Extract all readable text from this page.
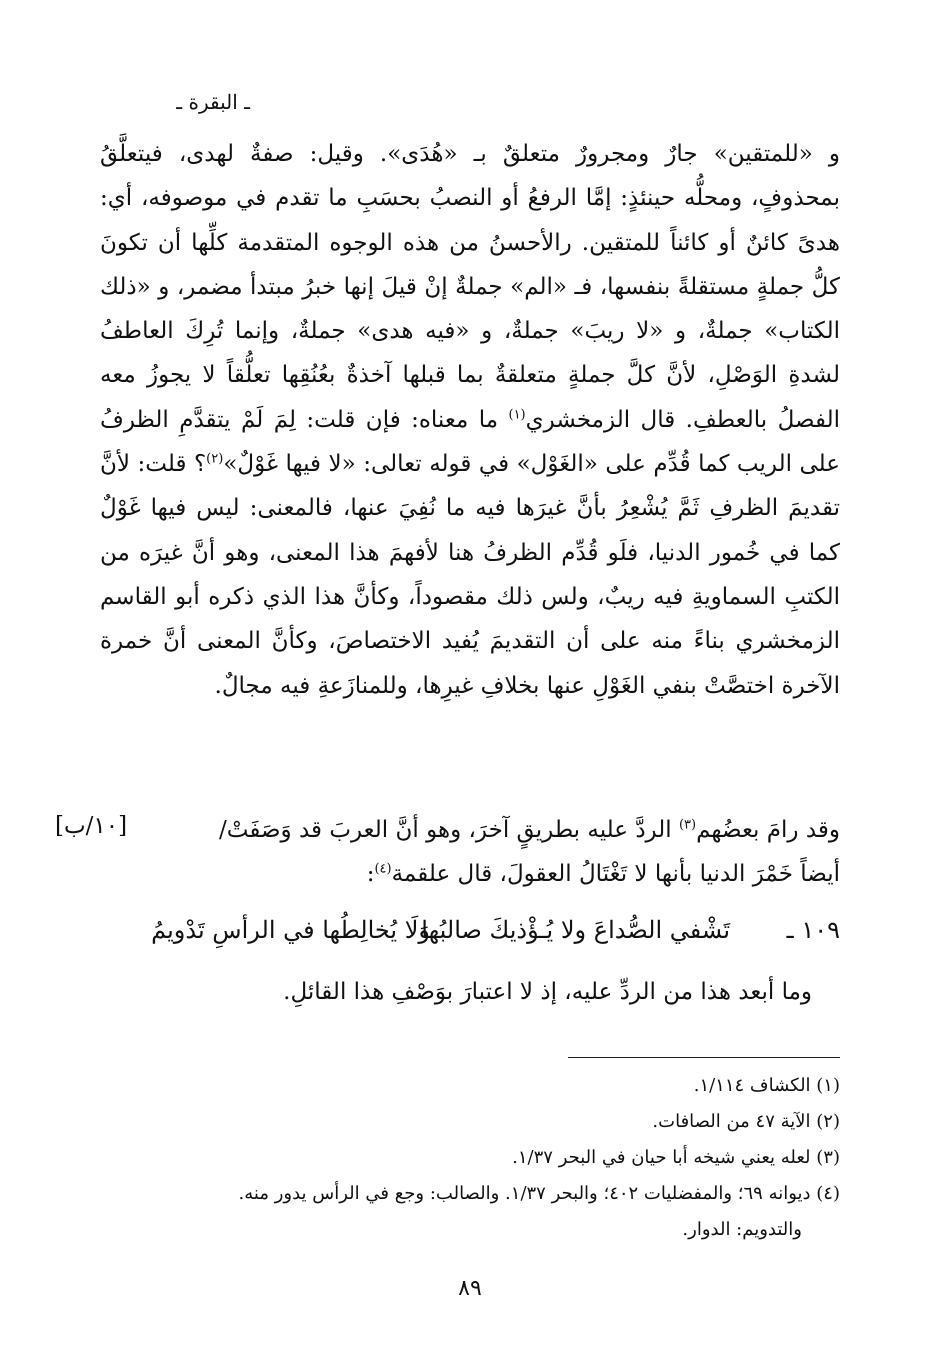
ـ البقرة ـ

و «للمتقين» جارٌ ومجرورٌ متعلقٌ بـ «هُدَى». وقيل: صفةٌ لهدى، فيتعلَّقُ بمحذوفٍ، ومحلُّه حينئذٍ: إمَّا الرفعُ أو النصبُ بحسَبِ ما تقدم في موصوفه، أي: هدىً كائنٌ أو كائناً للمتقين. رالأحسنُ من هذه الوجوه المتقدمة كلِّها أن تكونَ كلُّ جملةٍ مستقلةً بنفسها، فـ «الم» جملةٌ إنْ قيلَ إنها خبرُ مبتدأ مضمر، و «ذلك الكتاب» جملةٌ، و «لا ريبَ» جملةٌ، و «فيه هدى» جملةٌ، وإنما تُرِكَ العاطفُ لشدةِ الوَصْلِ، لأنَّ كلَّ جملةٍ متعلقةٌ بما قبلها آخذةٌ بعُنُقِها تعلُّقاً لا يجوزُ معه الفصلُ بالعطفِ. قال الزمخشري$^{(١)}$ ما معناه: فإن قلت: لِمَ لَمْ يتقدَّمِ الظرفُ على الريب كما قُدِّم على «الغَوْل» في قوله تعالى: «لا فيها غَوْلٌ»$^{(٢)}$؟ قلت: لأنَّ تقديمَ الظرفِ ثَمَّ يُشْعِرُ بأنَّ غيرَها فيه ما نُفِيَ عنها، فالمعنى: ليس فيها غَوْلٌ كما في خُمور الدنيا، فلَو قُدِّم الظرفُ هنا لأفهمَ هذا المعنى، وهو أنَّ غيرَه من الكتبِ السماويةِ فيه ريبٌ، ولس ذلك مقصوداً، وكأنَّ هذا الذي ذكره أبو القاسم الزمخشري بناءً منه على أن التقديمَ يُفيد الاختصاصَ، وكأنَّ المعنى أنَّ خمرة الآخرة اختصَّتْ بنفي الغَوْلِ عنها بخلافِ غيرِها، وللمنازَعةِ فيه مجالٌ.

وقد رامَ بعضُهم$^{(٣)}$ الردَّ عليه بطريقٍ آخرَ، وهو أنَّ العربَ قد وَصَفَتْ/
أيضاً خَمْرَ الدنيا بأنها لا تَغْتَالُ العقولَ، قال علقمة$^{(٤)}$:
[١٠/ب]
١٠٩ ـ
تَشْفي الصُّداعَ ولا يُـؤْذيكَ صالبُها
وَلَا يُخالِطُها في الرأسِ تَدْويمُ
وما أبعد هذا من الردِّ عليه، إذ لا اعتبارَ بوَصْفِ هذا القائلِ.
(١) الكشاف ١/١١٤.
(٢) الآية ٤٧ من الصافات.
(٣) لعله يعني شيخه أبا حيان في البحر ١/٣٧.
(٤) ديوانه ٦٩؛ والمفضليات ٤٠٢؛ والبحر ١/٣٧. والصالب: وجع في الرأس يدور منه.
والتدويم: الدوار.
٨٩
